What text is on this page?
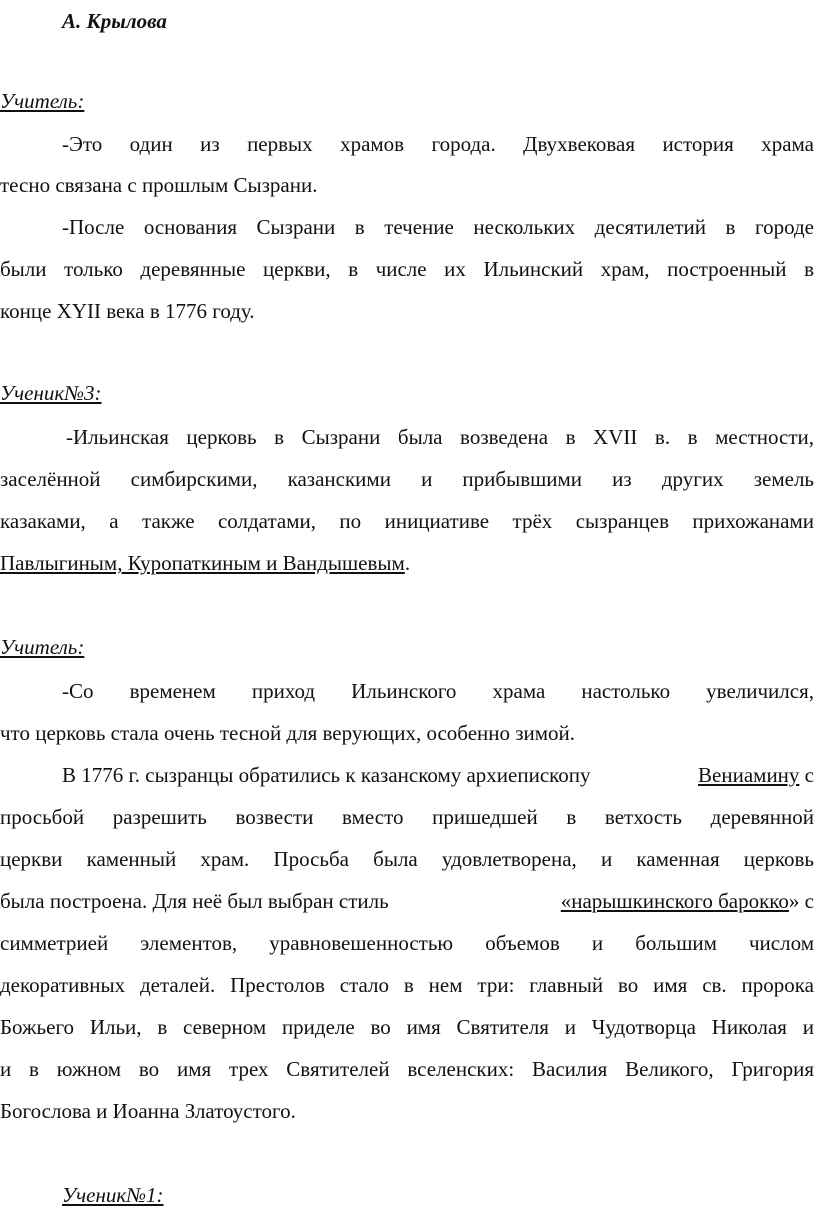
А. Крылова
Учитель:
-Это один из первых храмов города. Двухвековая история храма
тесно связана с прошлым Сызрани.
-После основания Сызрани в течение нескольких десятилетий в городе
были только деревянные церкви, в числе их Ильинский храм, построенный в
конце XYII века в 1776 году.
Ученик№3:
-Ильинская церковь в Сызрани была возведена в XVII в. в местности,
заселённой симбирскими, казанскими и прибывшими из других земель
казаками, а также солдатами, по инициативе трёх сызранцев прихожанами
Павлыгиным, Куропаткиным и Вандышевым.
Учитель:
-Со временем приход Ильинского храма настолько увеличился,
что церковь стала очень тесной для верующих, особенно зимой.
В 1776 г. сызранцы обратились к казанскому архиепископу	Вениамину с
просьбой разрешить возвести вместо пришедшей в ветхость деревянной
церкви каменный храм. Просьба была удовлетворена, и каменная церковь
была построена. Для неё был выбран стиль	«нарышкинского барокко» с
симметрией элементов, уравновешенностью объемов и большим числом
декоративных деталей. Престолов стало в нем три: главный во имя св. пророка
Божьего Ильи, в северном приделе во имя Святителя и Чудотворца Николая и
и в южном во имя трех Святителей вселенских: Василия Великого, Григория
Богослова и Иоанна Златоустого.
Ученик№1:
